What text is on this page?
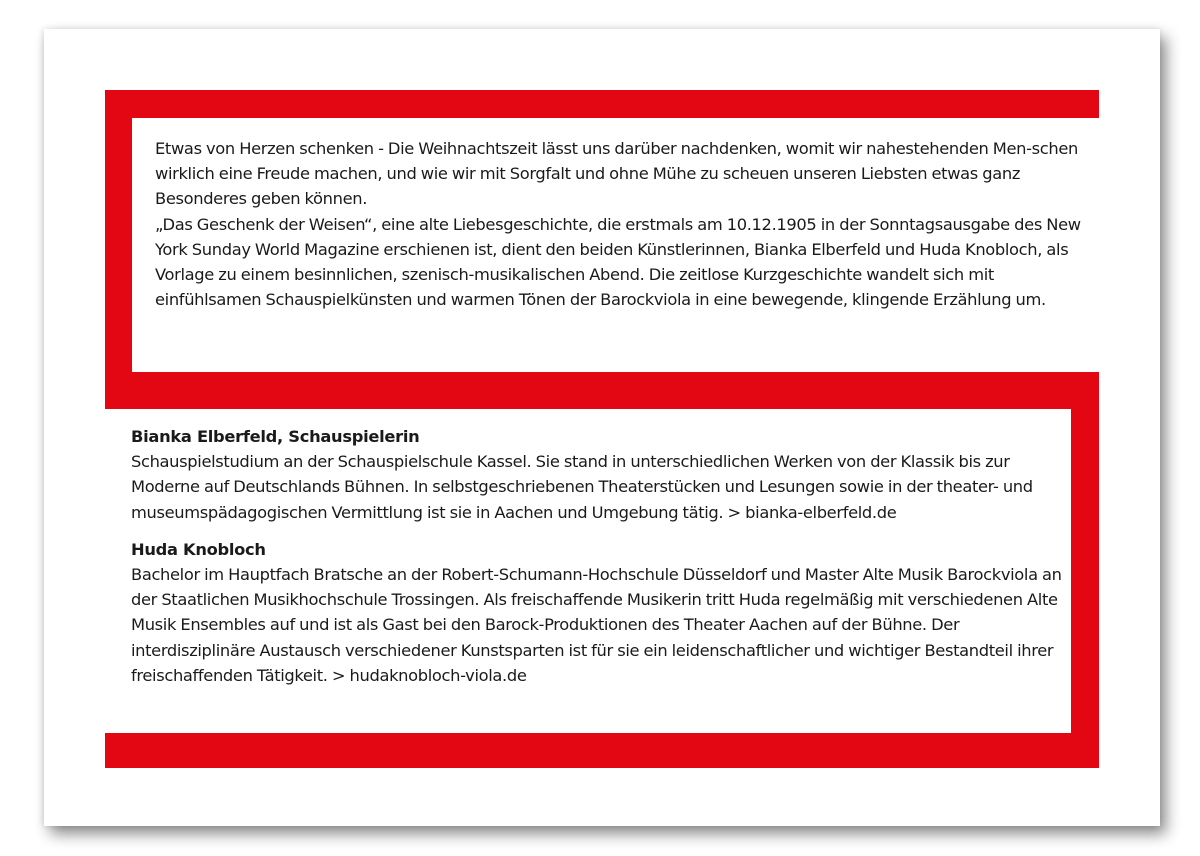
Etwas von Herzen schenken - Die Weihnachtszeit lässt uns darüber nachdenken, womit wir nahestehenden Men-schen wirklich eine Freude machen, und wie wir mit Sorgfalt und ohne Mühe zu scheuen unseren Liebsten etwas ganz Besonderes geben können.

„Das Geschenk der Weisen“, eine alte Liebesgeschichte, die erstmals am 10.12.1905 in der Sonntagsausgabe des New York Sunday World Magazine erschienen ist, dient den beiden Künstlerinnen, Bianka Elberfeld und Huda Knobloch, als Vorlage zu einem besinnlichen, szenisch-musikalischen Abend. Die zeitlose Kurzgeschichte wandelt sich mit einfühlsamen Schauspielkünsten und warmen Tönen der Barockviola in eine bewegende, klingende Erzählung um.

Bianka Elberfeld, Schauspielerin

Schauspielstudium an der Schauspielschule Kassel. Sie stand in unterschiedlichen Werken von der Klassik bis zur Moderne auf Deutschlands Bühnen. In selbstgeschriebenen Theaterstücken und Lesungen sowie in der theater- und museumspädagogischen Vermittlung ist sie in Aachen und Umgebung tätig. > bianka-elberfeld.de

Huda Knobloch

Bachelor im Hauptfach Bratsche an der Robert-Schumann-Hochschule Düsseldorf und Master Alte Musik Barockviola an der Staatlichen Musikhochschule Trossingen. Als freischaffende Musikerin tritt Huda regelmäßig mit verschiedenen Alte Musik Ensembles auf und ist als Gast bei den Barock-Produktionen des Theater Aachen auf der Bühne. Der interdisziplinäre Austausch verschiedener Kunstsparten ist für sie ein leidenschaftlicher und wichtiger Bestandteil ihrer freischaffenden Tätigkeit. > hudaknobloch-viola.de
